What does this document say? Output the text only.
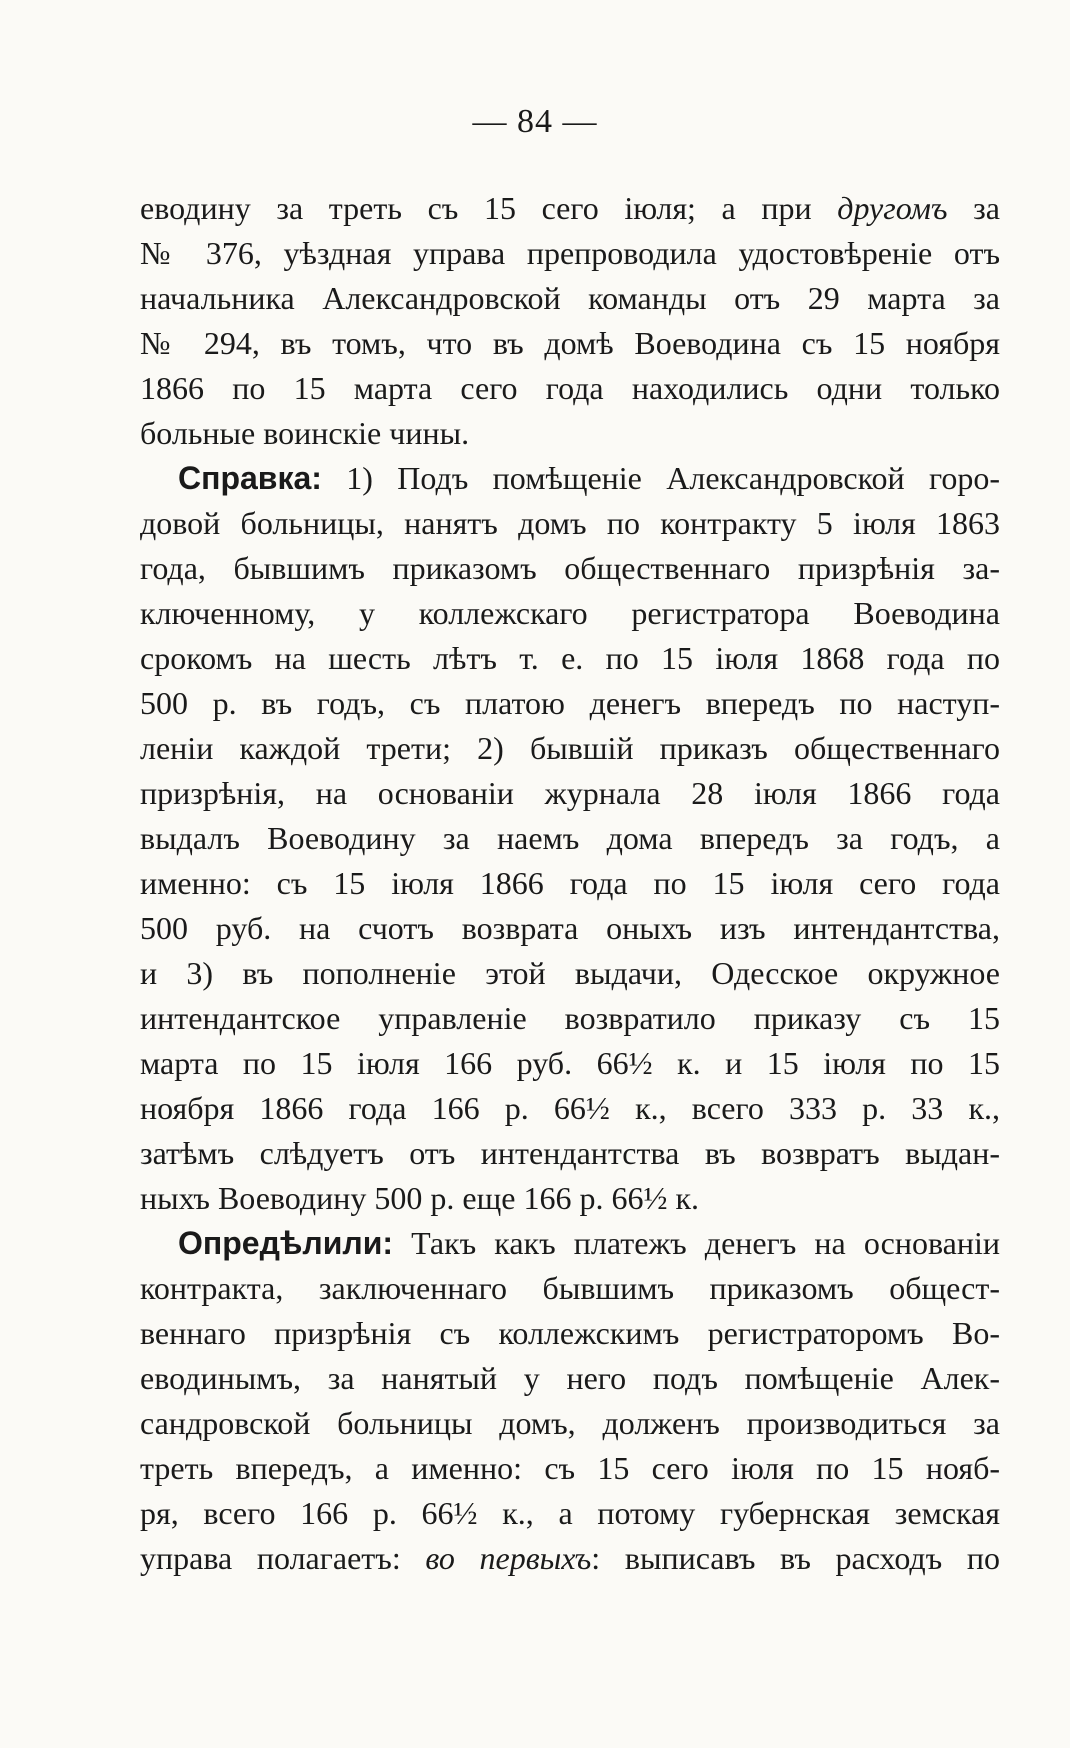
— 84 —
еводину за треть съ 15 сего іюля; а при другомъ за
№ 376, уѣздная управа препроводила удостовѣреніе отъ
начальника Александровской команды отъ 29 марта за
№ 294, въ томъ, что въ домѣ Воеводина съ 15 ноября
1866 по 15 марта сего года находились одни только
больные воинскіе чины.
Справка: 1) Подъ помѣщеніе Александровской горо-
довой больницы, нанятъ домъ по контракту 5 іюля 1863
года, бывшимъ приказомъ общественнаго призрѣнія за-
ключенному, у коллежскаго регистратора Воеводина
срокомъ на шесть лѣтъ т. е. по 15 іюля 1868 года по
500 р. въ годъ, съ платою денегъ впередъ по наступ-
леніи каждой трети; 2) бывшій приказъ общественнаго
призрѣнія, на основаніи журнала 28 іюля 1866 года
выдалъ Воеводину за наемъ дома впередъ за годъ, а
именно: съ 15 іюля 1866 года по 15 іюля сего года
500 руб. на счотъ возврата оныхъ изъ интендантства,
и 3) въ пополненіе этой выдачи, Одесское окружное
интендантское управленіе возвратило приказу съ 15
марта по 15 іюля 166 руб. 66½ к. и 15 іюля по 15
ноября 1866 года 166 р. 66½ к., всего 333 р. 33 к.,
затѣмъ слѣдуетъ отъ интендантства въ возвратъ выдан-
ныхъ Воеводину 500 р. еще 166 р. 66½ к.
Опредѣлили: Такъ какъ платежъ денегъ на основаніи
контракта, заключеннаго бывшимъ приказомъ общест-
веннаго призрѣнія съ коллежскимъ регистраторомъ Во-
еводинымъ, за нанятый у него подъ помѣщеніе Алек-
сандровской больницы домъ, долженъ производиться за
треть впередъ, а именно: съ 15 сего іюля по 15 нояб-
ря, всего 166 р. 66½ к., а потому губернская земская
управа полагаетъ: во первыхъ: выписавъ въ расходъ по
